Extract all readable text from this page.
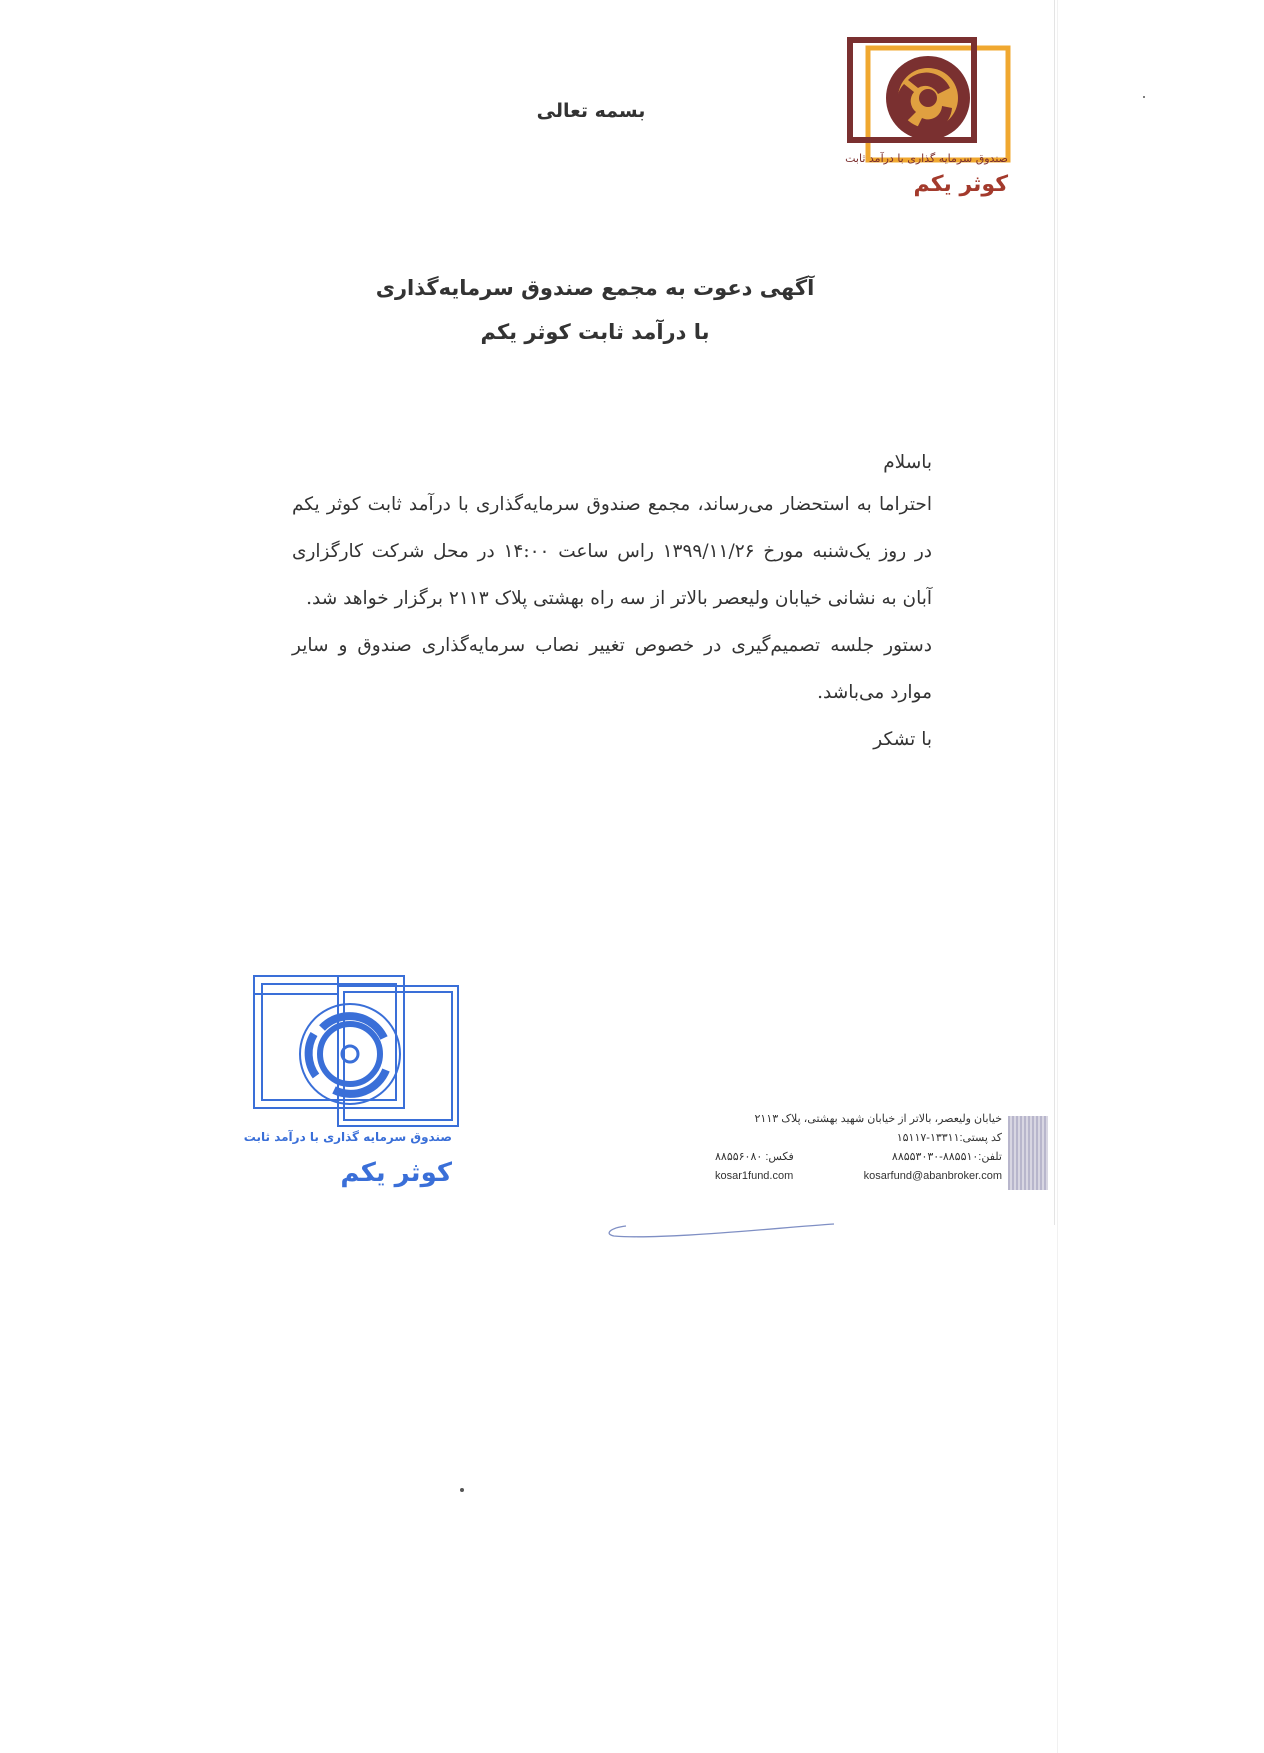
صندوق سرمایه گذاری با درآمد ثابت
کوثر یکم
بسمه تعالی
آگهی دعوت به مجمع صندوق سرمایه‌گذاری
با درآمد ثابت کوثر یکم

باسلام

احتراما به استحضار می‌رساند، مجمع صندوق سرمایه‌گذاری با درآمد ثابت کوثر یکم در روز یک‌شنبه مورخ ۱۳۹۹/۱۱/۲۶ راس ساعت ۱۴:۰۰ در محل شرکت کارگزاری آبان به نشانی خیابان ولیعصر بالاتر از سه راه بهشتی پلاک ۲۱۱۳ برگزار خواهد شد.

دستور جلسه تصمیم‌گیری در خصوص تغییر نصاب سرمایه‌گذاری صندوق و سایر موارد می‌باشد.

با تشکر

صندوق سرمایه گذاری با درآمد ثابت
کوثر یکم
خیابان ولیعصر، بالاتر از خیابان شهید بهشتی، پلاک ۲۱۱۳
کد پستی:۱۳۳۱۱-۱۵۱۱۷
تلفن:۸۸۵۵۱۰-۸۸۵۵۳۰۳۰
فکس: ۸۸۵۵۶۰۸۰
kosar1fund.com	kosarfund@abanbroker.com
